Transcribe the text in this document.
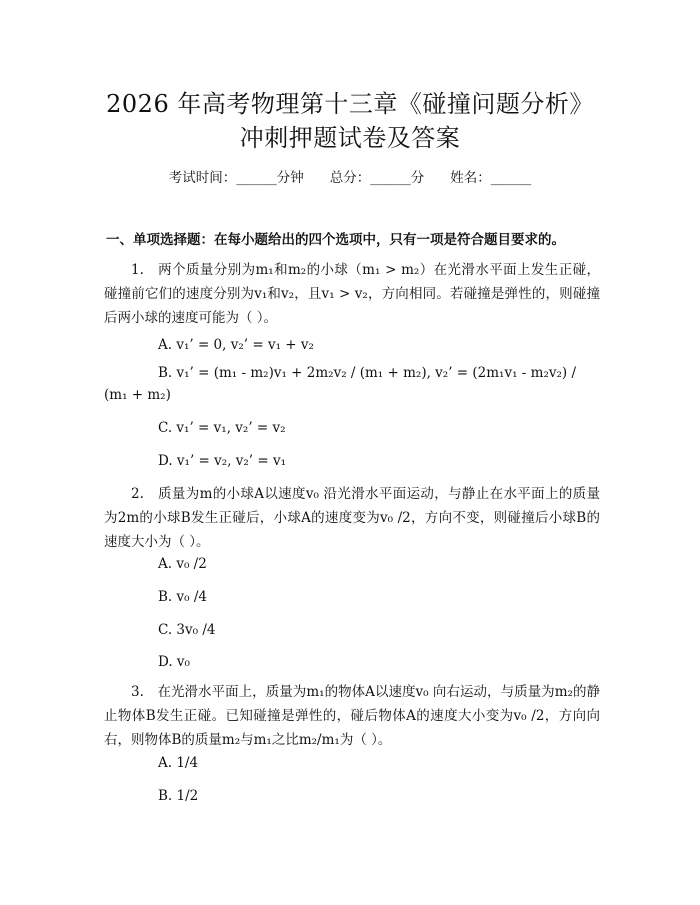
2026 年高考物理第十三章《碰撞问题分析》
冲刺押题试卷及答案
考试时间：______分钟 总分：______分 姓名：______
一、单项选择题：在每小题给出的四个选项中，只有一项是符合题目要求的。
1.　两个质量分别为m₁和m₂的小球（m₁ > m₂）在光滑水平面上发生正碰，碰撞前它们的速度分别为v₁和v₂，且v₁ > v₂，方向相同。若碰撞是弹性的，则碰撞后两小球的速度可能为（ ）。
A. v₁’ = 0, v₂’ = v₁ + v₂
B. v₁’ = (m₁ - m₂)v₁ + 2m₂v₂ / (m₁ + m₂), v₂’ = (2m₁v₁ - m₂v₂) / (m₁ + m₂)
C. v₁’ = v₁, v₂’ = v₂
D. v₁’ = v₂, v₂’ = v₁
2.　质量为m的小球A以速度v₀ 沿光滑水平面运动，与静止在水平面上的质量为2m的小球B发生正碰后，小球A的速度变为v₀ /2，方向不变，则碰撞后小球B的速度大小为（ ）。
A. v₀ /2
B. v₀ /4
C. 3v₀ /4
D. v₀
3.　在光滑水平面上，质量为m₁的物体A以速度v₀ 向右运动，与质量为m₂的静止物体B发生正碰。已知碰撞是弹性的，碰后物体A的速度大小变为v₀ /2，方向向右，则物体B的质量m₂与m₁之比m₂/m₁为（ ）。
A. 1/4
B. 1/2
